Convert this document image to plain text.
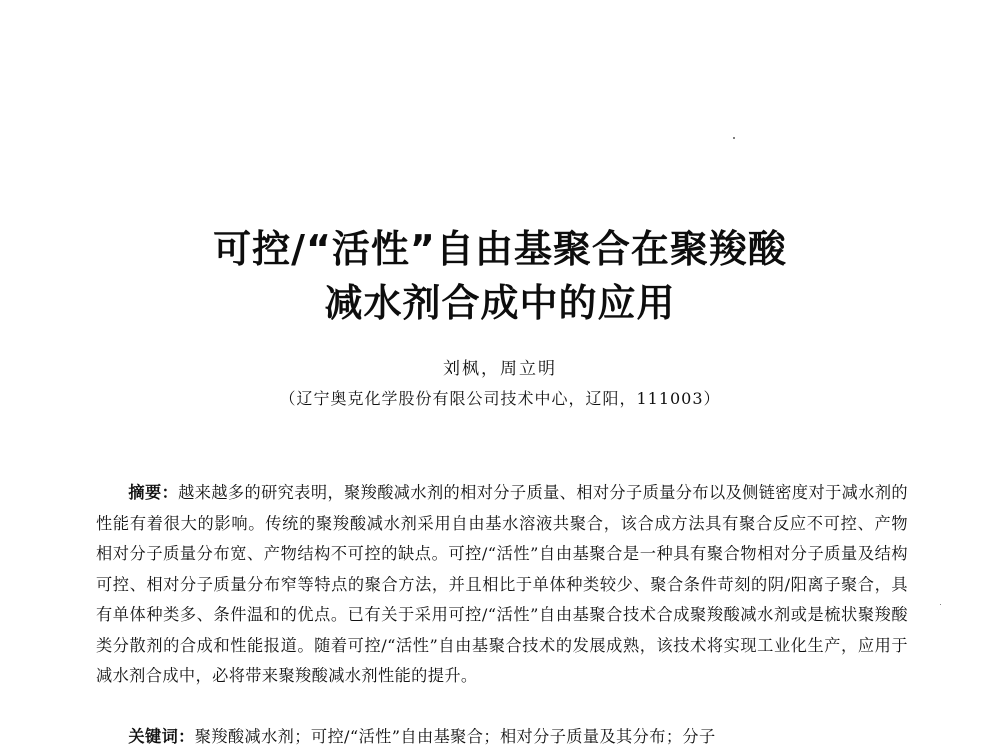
可控/“活性”自由基聚合在聚羧酸
减水剂合成中的应用
刘枫，周立明
（辽宁奥克化学股份有限公司技术中心，辽阳，111003）
摘要：越来越多的研究表明，聚羧酸减水剂的相对分子质量、相对分子质量分布以及侧链密度对于减水剂的性能有着很大的影响。传统的聚羧酸减水剂采用自由基水溶液共聚合，该合成方法具有聚合反应不可控、产物相对分子质量分布宽、产物结构不可控的缺点。可控/“活性”自由基聚合是一种具有聚合物相对分子质量及结构可控、相对分子质量分布窄等特点的聚合方法，并且相比于单体种类较少、聚合条件苛刻的阴/阳离子聚合，具有单体种类多、条件温和的优点。已有关于采用可控/“活性”自由基聚合技术合成聚羧酸减水剂或是梳状聚羧酸类分散剂的合成和性能报道。随着可控/“活性”自由基聚合技术的发展成熟，该技术将实现工业化生产，应用于减水剂合成中，必将带来聚羧酸减水剂性能的提升。
关键词：聚羧酸减水剂；可控/“活性”自由基聚合；相对分子质量及其分布；分子
